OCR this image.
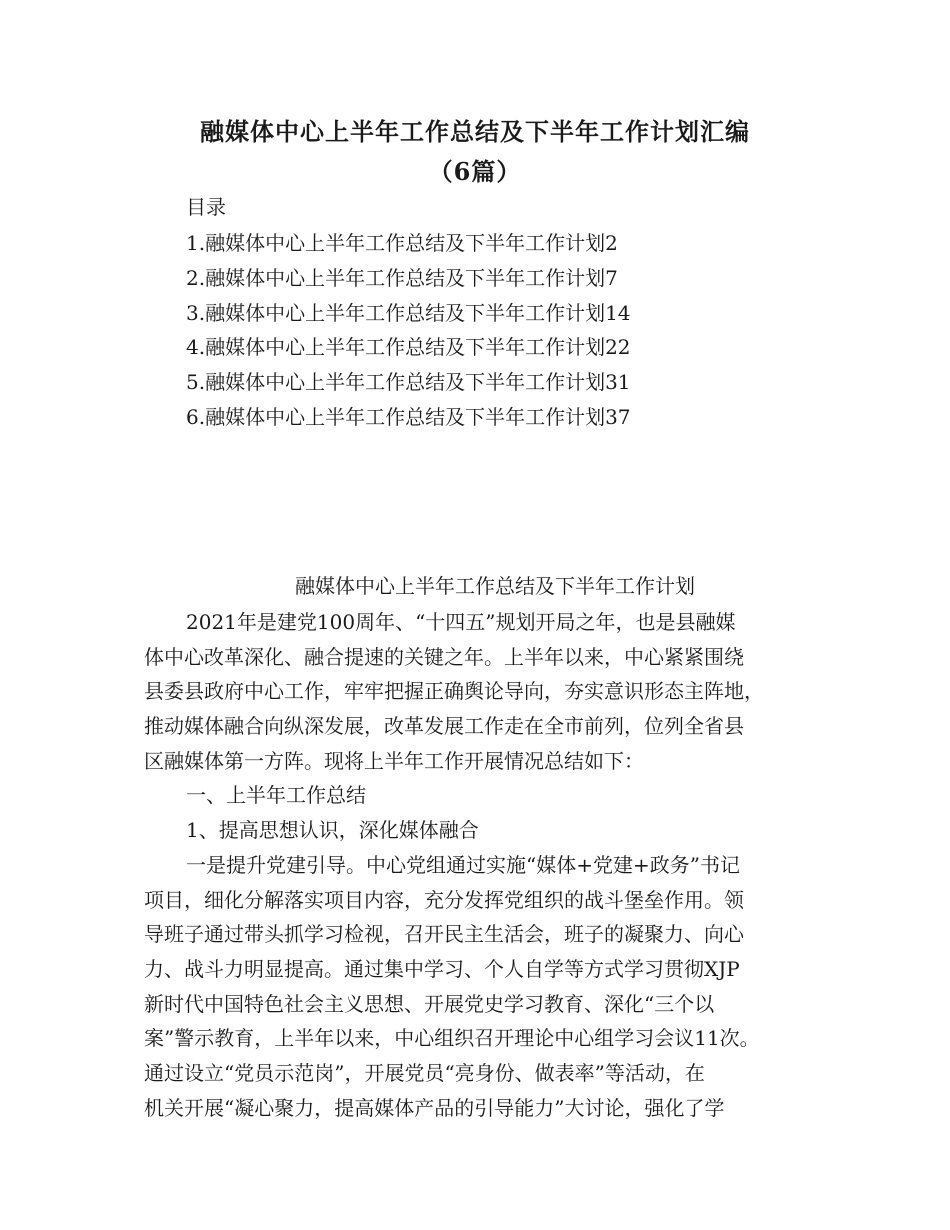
融媒体中心上半年工作总结及下半年工作计划汇编
（6篇）
目录
1.融媒体中心上半年工作总结及下半年工作计划2
2.融媒体中心上半年工作总结及下半年工作计划7
3.融媒体中心上半年工作总结及下半年工作计划14
4.融媒体中心上半年工作总结及下半年工作计划22
5.融媒体中心上半年工作总结及下半年工作计划31
6.融媒体中心上半年工作总结及下半年工作计划37
融媒体中心上半年工作总结及下半年工作计划
2021年是建党100周年、“十四五”规划开局之年，也是县融媒
体中心改革深化、融合提速的关键之年。上半年以来，中心紧紧围绕
县委县政府中心工作，牢牢把握正确舆论导向，夯实意识形态主阵地，
推动媒体融合向纵深发展，改革发展工作走在全市前列，位列全省县
区融媒体第一方阵。现将上半年工作开展情况总结如下：
一、上半年工作总结
1、提高思想认识，深化媒体融合
一是提升党建引导。中心党组通过实施“媒体+党建+政务”书记
项目，细化分解落实项目内容，充分发挥党组织的战斗堡垒作用。领
导班子通过带头抓学习检视，召开民主生活会，班子的凝聚力、向心
力、战斗力明显提高。通过集中学习、个人自学等方式学习贯彻XJP
新时代中国特色社会主义思想、开展党史学习教育、深化“三个以
案”警示教育，上半年以来，中心组织召开理论中心组学习会议11次。
通过设立“党员示范岗”，开展党员“亮身份、做表率”等活动，在
机关开展“凝心聚力，提高媒体产品的引导能力”大讨论，强化了学
